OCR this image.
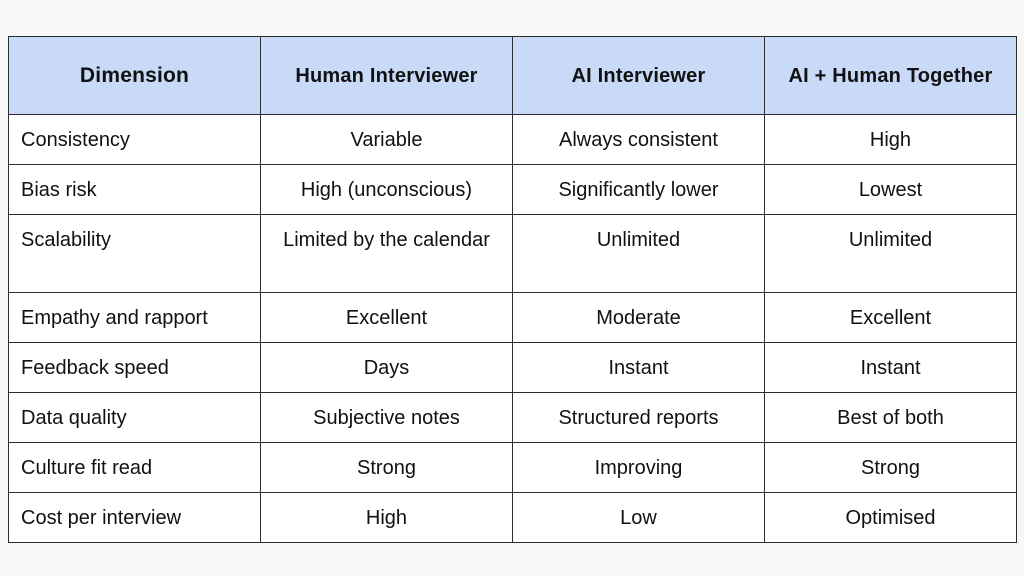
Dimension	Human Interviewer	AI Interviewer	AI + Human Together
Consistency	Variable	Always consistent	High
Bias risk	High (unconscious)	Significantly lower	Lowest
Scalability	Limited by the calendar	Unlimited	Unlimited
Empathy and rapport	Excellent	Moderate	Excellent
Feedback speed	Days	Instant	Instant
Data quality	Subjective notes	Structured reports	Best of both
Culture fit read	Strong	Improving	Strong
Cost per interview	High	Low	Optimised
